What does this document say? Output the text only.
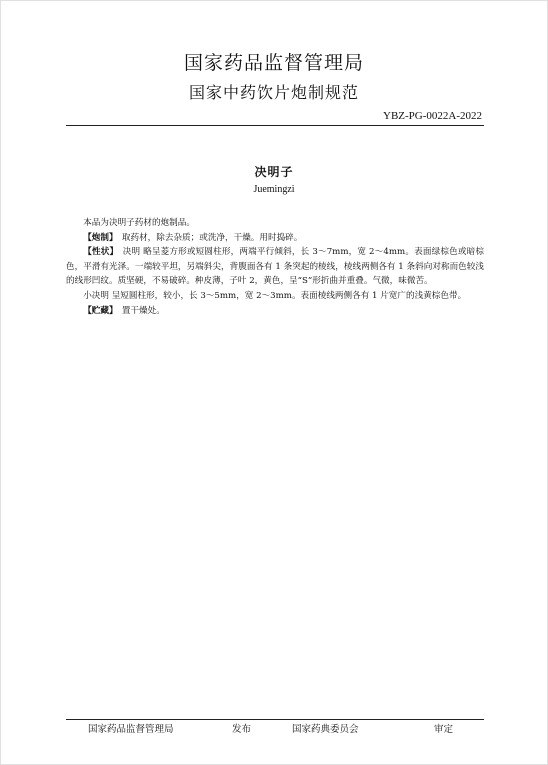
国家药品监督管理局
国家中药饮片炮制规范
YBZ-PG-0022A-2022
决明子
Juemingzi

本品为决明子药材的炮制品。

【炮制】　 取药材，除去杂质；或洗净，干燥。用时捣碎。

【性状】　 决明 略呈菱方形或短圆柱形，两端平行倾斜，长 3～7mm，宽 2～4mm。表面绿棕色或暗棕色，平滑有光泽。一端较平坦，另端斜尖，背腹面各有 1 条突起的棱线，棱线两侧各有 1 条斜向对称而色较浅的线形凹纹。质坚硬，不易破碎。种皮薄，子叶 2，黄色，呈“S”形折曲并重叠。气微，味微苦。

小决明 呈短圆柱形，较小，长 3～5mm，宽 2～3mm。表面棱线两侧各有 1 片宽广的浅黄棕色带。

【贮藏】　 置干燥处。

国家药品监督管理局	发布	国家药典委员会	审定
